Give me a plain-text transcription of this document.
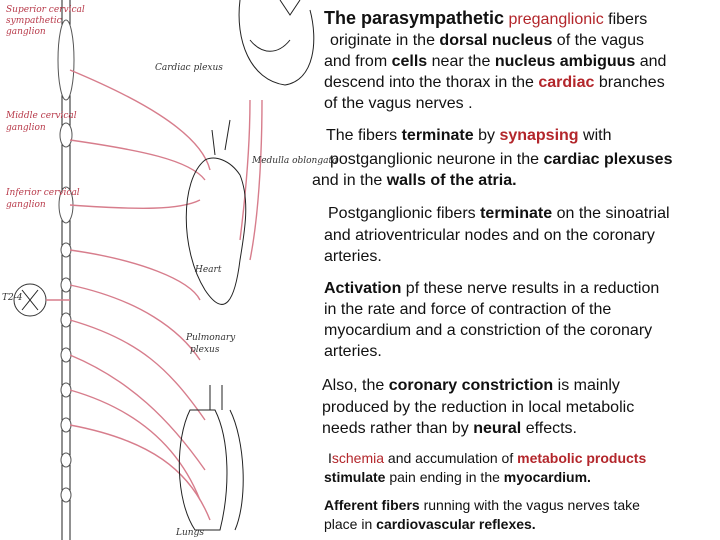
Superior cervical
sympathetic
ganglion
Middle cervical
ganglion
Inferior cervical
ganglion
Cardiac plexus
Medulla oblongata
Heart
Pulmonary
plexus
Lungs
T2-4

The parasympathetic preganglionic fibers

originate in the dorsal nucleus of the vagus

and from cells near the nucleus ambiguus and

descend into the thorax in the cardiac branches

of the vagus nerves .

The fibers terminate by synapsing with

postganglionic neurone in the cardiac plexuses

and in the walls of the atria.

Postganglionic fibers terminate on the sinoatrial

and atrioventricular nodes and on the coronary

arteries.

Activation pf these nerve results in a reduction

in the rate and force of contraction of the

myocardium and a constriction of the coronary

arteries.

Also, the coronary constriction is mainly

produced by the reduction in local metabolic

needs rather than by neural effects.

Ischemia and accumulation of metabolic products

stimulate pain ending in the myocardium.

Afferent fibers running with the vagus nerves take

place in cardiovascular reflexes.
